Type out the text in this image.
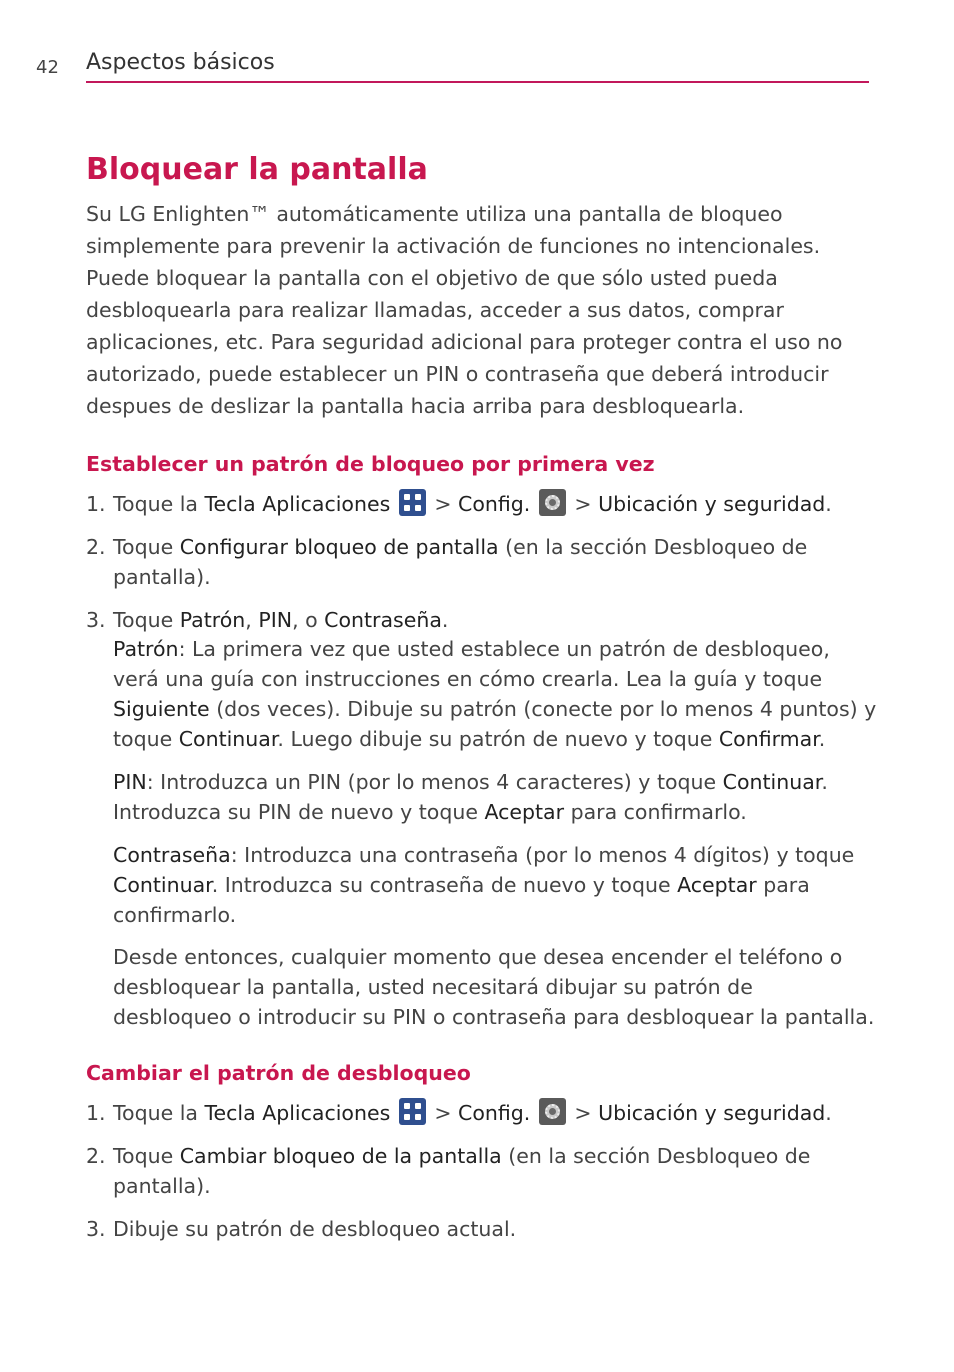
42 Aspectos básicos
Bloquear la pantalla

Su LG Enlighten™ automáticamente utiliza una pantalla de bloqueo simplemente para prevenir la activación de funciones no intencionales. Puede bloquear la pantalla con el objetivo de que sólo usted pueda desbloquearla para realizar llamadas, acceder a sus datos, comprar aplicaciones, etc. Para seguridad adicional para proteger contra el uso no autorizado, puede establecer un PIN o contraseña que deberá introducir despues de deslizar la pantalla hacia arriba para desbloquearla.

Establecer un patrón de bloqueo por primera vez
1. Toque la Tecla Aplicaciones
> Config.
> Ubicación y seguridad.
2. Toque Configurar bloqueo de pantalla (en la sección Desbloqueo de pantalla).
3. Toque Patrón, PIN, o Contraseña.

Patrón: La primera vez que usted establece un patrón de desbloqueo, verá una guía con instrucciones en cómo crearla. Lea la guía y toque Siguiente (dos veces). Dibuje su patrón (conecte por lo menos 4 puntos) y toque Continuar. Luego dibuje su patrón de nuevo y toque Confirmar.

PIN: Introduzca un PIN (por lo menos 4 caracteres) y toque Continuar. Introduzca su PIN de nuevo y toque Aceptar para confirmarlo.

Contraseña: Introduzca una contraseña (por lo menos 4 dígitos) y toque Continuar. Introduzca su contraseña de nuevo y toque Aceptar para confirmarlo.

Desde entonces, cualquier momento que desea encender el teléfono o desbloquear la pantalla, usted necesitará dibujar su patrón de desbloqueo o introducir su PIN o contraseña para desbloquear la pantalla.

Cambiar el patrón de desbloqueo
1. Toque la Tecla Aplicaciones
> Config.
> Ubicación y seguridad.
2. Toque Cambiar bloqueo de la pantalla (en la sección Desbloqueo de pantalla).
3. Dibuje su patrón de desbloqueo actual.
